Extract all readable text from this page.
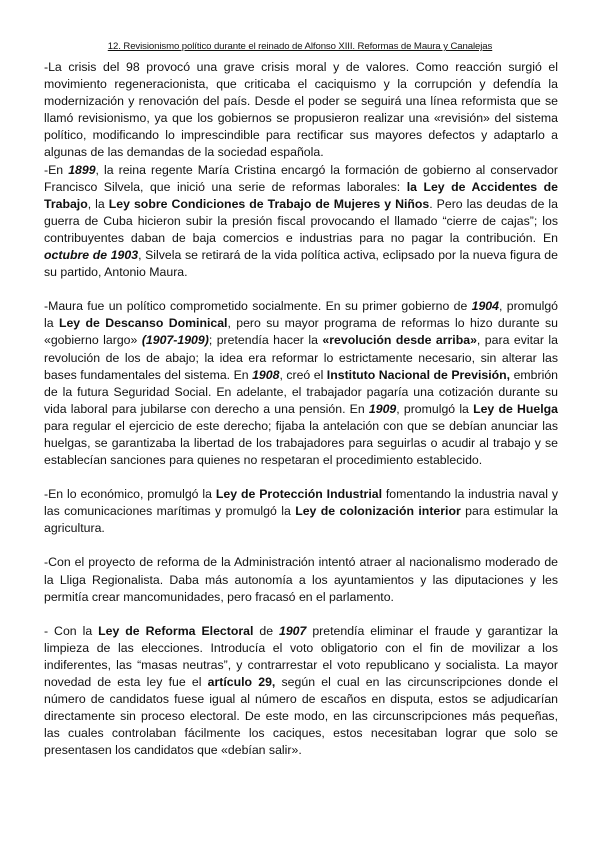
12. Revisionismo político durante el reinado de Alfonso XIII. Reformas de Maura y Canalejas

-La crisis del 98 provocó una grave crisis moral y de valores. Como reacción surgió el movimiento regeneracionista, que criticaba el caciquismo y la corrupción y defendía la modernización y renovación del país. Desde el poder se seguirá una línea reformista que se llamó revisionismo, ya que los gobiernos se propusieron realizar una «revisión» del sistema político, modificando lo imprescindible para rectificar sus mayores defectos y adaptarlo a algunas de las demandas de la sociedad española.

-En 1899, la reina regente María Cristina encargó la formación de gobierno al conservador Francisco Silvela, que inició una serie de reformas laborales: la Ley de Accidentes de Trabajo, la Ley sobre Condiciones de Trabajo de Mujeres y Niños. Pero las deudas de la guerra de Cuba hicieron subir la presión fiscal provocando el llamado “cierre de cajas”; los contribuyentes daban de baja comercios e industrias para no pagar la contribución. En octubre de 1903, Silvela se retirará de la vida política activa, eclipsado por la nueva figura de su partido, Antonio Maura.

-Maura fue un político comprometido socialmente. En su primer gobierno de 1904, promulgó la Ley de Descanso Dominical, pero su mayor programa de reformas lo hizo durante su «gobierno largo» (1907-1909); pretendía hacer la «revolución desde arriba», para evitar la revolución de los de abajo; la idea era reformar lo estrictamente necesario, sin alterar las bases fundamentales del sistema. En 1908, creó el Instituto Nacional de Previsión, embrión de la futura Seguridad Social. En adelante, el trabajador pagaría una cotización durante su vida laboral para jubilarse con derecho a una pensión. En 1909, promulgó la Ley de Huelga para regular el ejercicio de este derecho; fijaba la antelación con que se debían anunciar las huelgas, se garantizaba la libertad de los trabajadores para seguirlas o acudir al trabajo y se establecían sanciones para quienes no respetaran el procedimiento establecido.

-En lo económico, promulgó la Ley de Protección Industrial fomentando la industria naval y las comunicaciones marítimas y promulgó la Ley de colonización interior para estimular la agricultura.

-Con el proyecto de reforma de la Administración intentó atraer al nacionalismo moderado de la Lliga Regionalista. Daba más autonomía a los ayuntamientos y las diputaciones y les permitía crear mancomunidades, pero fracasó en el parlamento.

- Con la Ley de Reforma Electoral de 1907 pretendía eliminar el fraude y garantizar la limpieza de las elecciones. Introducía el voto obligatorio con el fin de movilizar a los indiferentes, las “masas neutras”, y contrarrestar el voto republicano y socialista. La mayor novedad de esta ley fue el artículo 29, según el cual en las circunscripciones donde el número de candidatos fuese igual al número de escaños en disputa, estos se adjudicarían directamente sin proceso electoral. De este modo, en las circunscripciones más pequeñas, las cuales controlaban fácilmente los caciques, estos necesitaban lograr que solo se presentasen los candidatos que «debían salir».
